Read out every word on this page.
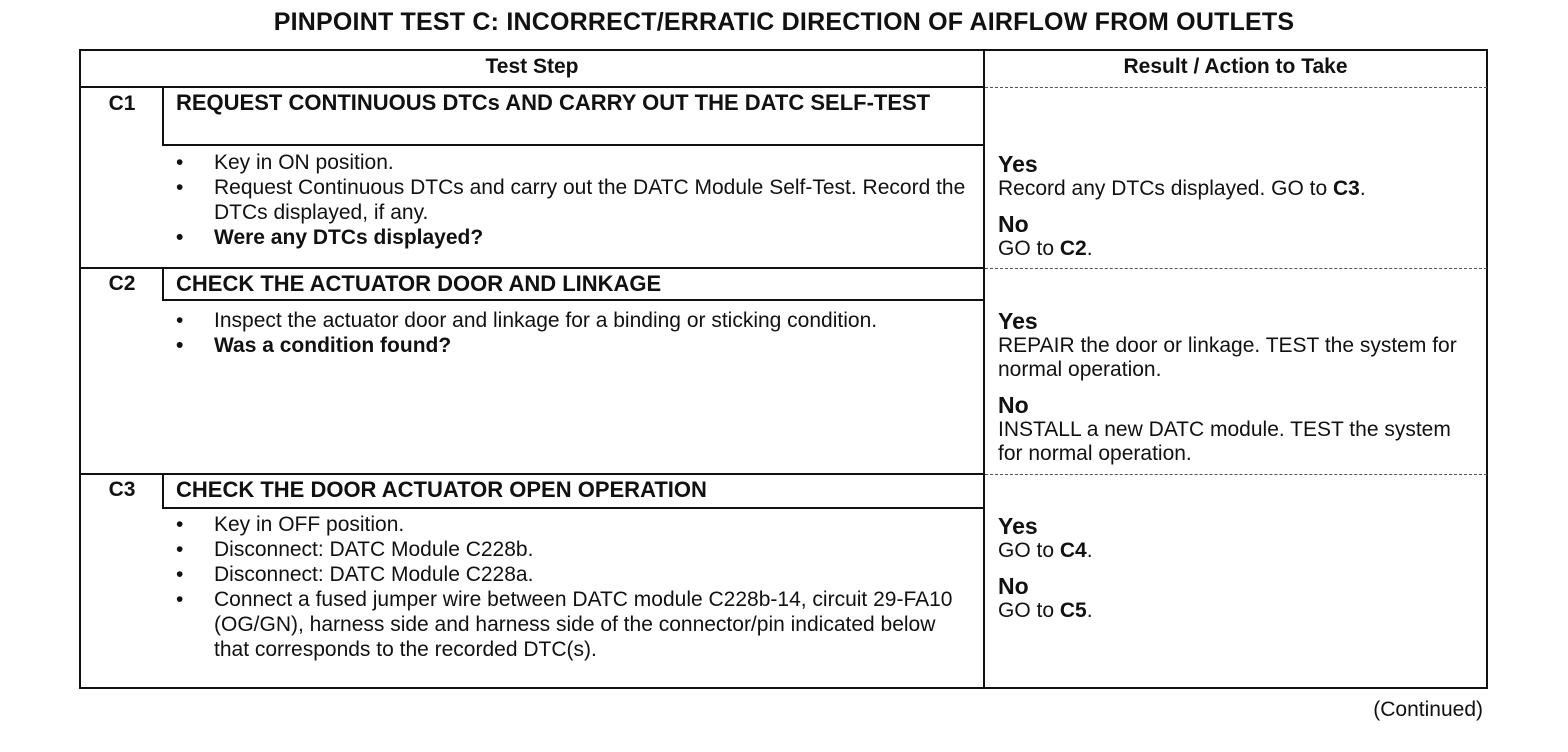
PINPOINT TEST C: INCORRECT/ERRATIC DIRECTION OF AIRFLOW FROM OUTLETS
Test Step	Result / Action to Take
C1	REQUEST CONTINUOUS DTCs AND CARRY OUT THE DATC SELF-TEST
• Key in ON position.
• Request Continuous DTCs and carry out the DATC Module Self-Test. Record the DTCs displayed, if any.
• Were any DTCs displayed?
Yes
Record any DTCs displayed. GO to C3.
No
GO to C2.
C2	CHECK THE ACTUATOR DOOR AND LINKAGE
• Inspect the actuator door and linkage for a binding or sticking condition.
• Was a condition found?
Yes
REPAIR the door or linkage. TEST the system for normal operation.
No
INSTALL a new DATC module. TEST the system for normal operation.
C3	CHECK THE DOOR ACTUATOR OPEN OPERATION
• Key in OFF position.
• Disconnect: DATC Module C228b.
• Disconnect: DATC Module C228a.
• Connect a fused jumper wire between DATC module C228b-14, circuit 29-FA10 (OG/GN), harness side and harness side of the connector/pin indicated below that corresponds to the recorded DTC(s).
Yes
GO to C4.
No
GO to C5.
(Continued)
